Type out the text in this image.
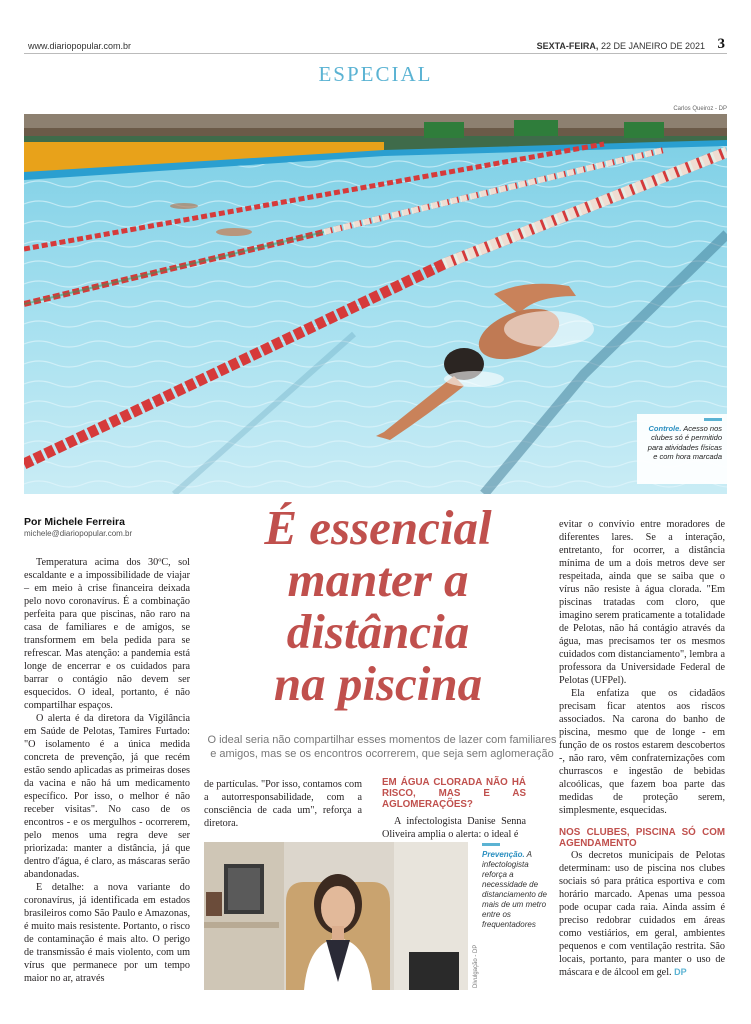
www.diariopopular.com.br	SEXTA-FEIRA, 22 DE JANEIRO DE 2021 3
ESPECIAL
Carlos Queiroz - DP
Controle. Acesso nos clubes só é permitido para atividades físicas e com hora marcada
Por Michele Ferreira
michele@diariopopular.com.br

Temperatura acima dos 30ºC, sol escaldante e a impossibilidade de viajar – em meio à crise financeira deixada pelo novo coronavírus. É a combinação perfeita para que piscinas, não raro na casa de familiares e de amigos, se transformem em bela pedida para se refrescar. Mas atenção: a pandemia está longe de encerrar e os cuidados para barrar o contágio não devem ser esquecidos. O ideal, portanto, é não compartilhar espaços.

O alerta é da diretora da Vigilância em Saúde de Pelotas, Tamires Furtado: "O isolamento é a única medida concreta de prevenção, já que recém estão sendo aplicadas as primeiras doses da vacina e não há um medicamento específico. Por isso, o melhor é não receber visitas". No caso de os encontros - e os mergulhos - ocorrerem, pelo menos uma regra deve ser priorizada: manter a distância, já que dentro d'água, é claro, as máscaras serão abandonadas.

E detalhe: a nova variante do coronavírus, já identificada em estados brasileiros como São Paulo e Amazonas, é muito mais resistente. Portanto, o risco de contaminação é mais alto. O perigo de transmissão é mais violento, com um vírus que permanece por um tempo maior no ar, através

É essencial
manter a
distância
na piscina
O ideal seria não compartilhar esses momentos de lazer com familiares e amigos, mas se os encontros ocorrerem, que seja sem aglomeração

de partículas. "Por isso, contamos com a autorresponsabilidade, com a consciência de cada um", reforça a diretora.

EM ÁGUA CLORADA NÃO HÁ RISCO, MAS E AS AGLOMERAÇÕES?

A infectologista Danise Senna Oliveira amplia o alerta: o ideal é

Divulgação - DP
Prevenção. A infectologista reforça a necessidade de distanciamento de mais de um metro entre os frequentadores

evitar o convívio entre moradores de diferentes lares. Se a interação, entretanto, for ocorrer, a distância mínima de um a dois metros deve ser respeitada, ainda que se saiba que o vírus não resiste à água clorada. "Em piscinas tratadas com cloro, que imagino serem praticamente a totalidade de Pelotas, não há contágio através da água, mas precisamos ter os mesmos cuidados com distanciamento", lembra a professora da Universidade Federal de Pelotas (UFPel).

Ela enfatiza que os cidadãos precisam ficar atentos aos riscos associados. Na carona do banho de piscina, mesmo que de longe - em função de os rostos estarem descobertos -, não raro, vêm confraternizações com churrascos e ingestão de bebidas alcoólicas, que fazem boa parte das medidas de proteção serem, simplesmente, esquecidas.

NOS CLUBES, PISCINA SÓ COM AGENDAMENTO

Os decretos municipais de Pelotas determinam: uso de piscina nos clubes sociais só para prática esportiva e com horário marcado. Apenas uma pessoa pode ocupar cada raia. Ainda assim é preciso redobrar cuidados em áreas como vestiários, em geral, ambientes pequenos e com ventilação restrita. São locais, portanto, para manter o uso de máscara e de álcool em gel. DP
